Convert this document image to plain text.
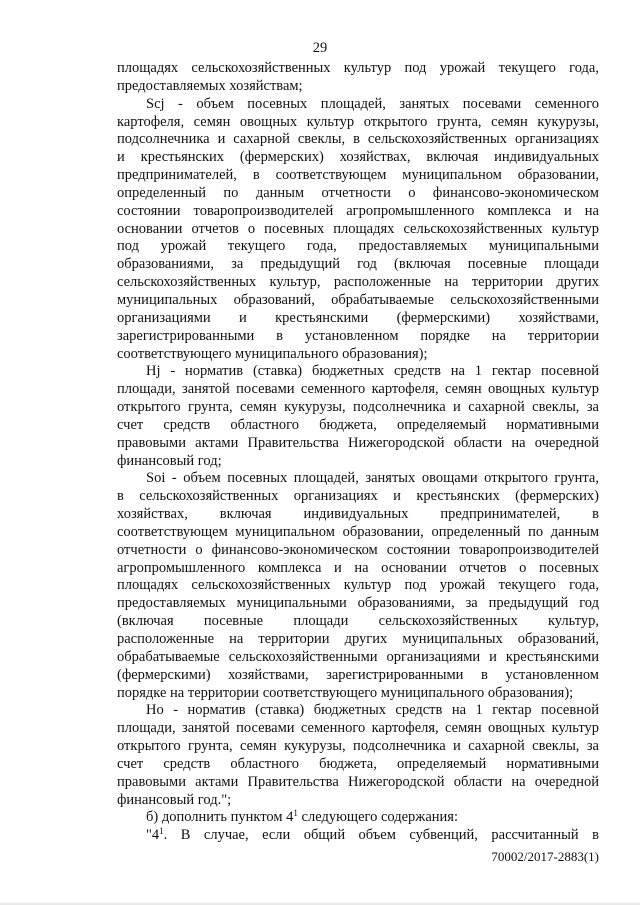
29

площадях сельскохозяйственных культур под урожай текущего года,

предоставляемых хозяйствам;

Scj - объем посевных площадей, занятых посевами семенного

картофеля, семян овощных культур открытого грунта, семян кукурузы,

подсолнечника и сахарной свеклы, в сельскохозяйственных организациях

и крестьянских (фермерских) хозяйствах, включая индивидуальных

предпринимателей, в соответствующем муниципальном образовании,

определенный по данным отчетности о финансово-экономическом

состоянии товаропроизводителей агропромышленного комплекса и на

основании отчетов о посевных площадях сельскохозяйственных культур

под урожай текущего года, предоставляемых муниципальными

образованиями, за предыдущий год (включая посевные площади

сельскохозяйственных культур, расположенные на территории других

муниципальных образований, обрабатываемые сельскохозяйственными

организациями и крестьянскими (фермерскими) хозяйствами,

зарегистрированными в установленном порядке на территории

соответствующего муниципального образования);

Hj - норматив (ставка) бюджетных средств на 1 гектар посевной

площади, занятой посевами семенного картофеля, семян овощных культур

открытого грунта, семян кукурузы, подсолнечника и сахарной свеклы, за

счет средств областного бюджета, определяемый нормативными

правовыми актами Правительства Нижегородской области на очередной

финансовый год;

Soi - объем посевных площадей, занятых овощами открытого грунта,

в сельскохозяйственных организациях и крестьянских (фермерских)

хозяйствах, включая индивидуальных предпринимателей, в

соответствующем муниципальном образовании, определенный по данным

отчетности о финансово-экономическом состоянии товаропроизводителей

агропромышленного комплекса и на основании отчетов о посевных

площадях сельскохозяйственных культур под урожай текущего года,

предоставляемых муниципальными образованиями, за предыдущий год

(включая посевные площади сельскохозяйственных культур,

расположенные на территории других муниципальных образований,

обрабатываемые сельскохозяйственными организациями и крестьянскими

(фермерскими) хозяйствами, зарегистрированными в установленном

порядке на территории соответствующего муниципального образования);

Ho - норматив (ставка) бюджетных средств на 1 гектар посевной

площади, занятой посевами семенного картофеля, семян овощных культур

открытого грунта, семян кукурузы, подсолнечника и сахарной свеклы, за

счет средств областного бюджета, определяемый нормативными

правовыми актами Правительства Нижегородской области на очередной

финансовый год.";

б) дополнить пунктом $4^1$ следующего содержания:

"$4^1$. В случае, если общий объем субвенций, рассчитанный в

70002/2017-2883(1)
